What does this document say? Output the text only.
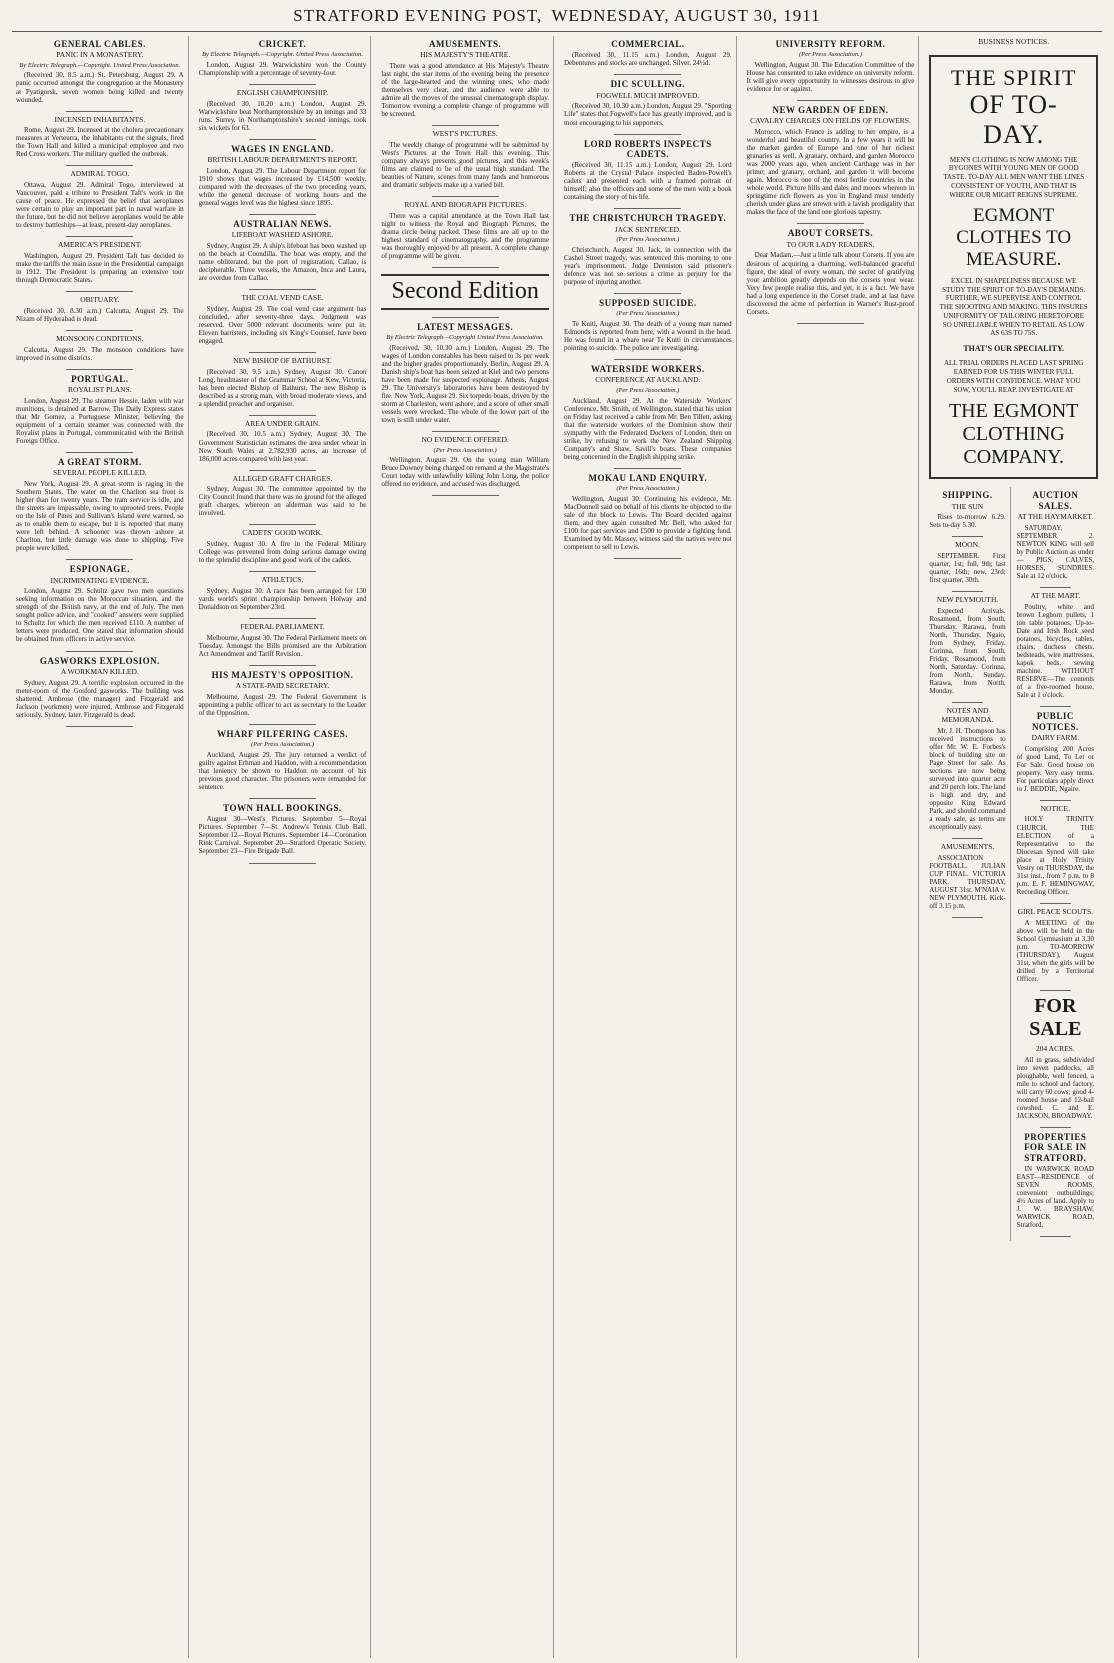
STRATFORD EVENING POST, WEDNESDAY, AUGUST 30, 1911
GENERAL CABLES.
PANIC IN A MONASTERY.
By Electric Telegraph.—Copyright. United Press Association.
(Received 30, 8.5 a.m.) St. Petersburg, August 29. A panic occurred amongst the congregation at the Monastery at Pyatigorsk, seven women being killed and twenty wounded.
INCENSED INHABITANTS.
Rome, August 29. Incensed at the cholera precautionary measures at Verteurra, the inhabitants cut the signals, fired the Town Hall and killed a municipal employee and two Red Cross workers. The military quelled the outbreak.
ADMIRAL TOGO.
Ottawa, August 29. Admiral Togo, interviewed at Vancouver, paid a tribute to President Taft's work in the cause of peace. He expressed the belief that aeroplanes were certain to play an important part in naval warfare in the future, but he did not believe aeroplanes would be able to destroy battleships—at least, present-day aeroplanes.
AMERICA'S PRESIDENT.
Washington, August 29. President Taft has decided to make the tariffs the main issue in the Presidential campaign in 1912. The President is preparing an extensive tour through Democratic States.
OBITUARY.
(Received 30, 8.30 a.m.) Calcutta, August 29. The Nizam of Hyderabad is dead.
MONSOON CONDITIONS.
Calcutta, August 29. The monsoon conditions have improved in some districts.
PORTUGAL.
ROYALIST PLANS.
London, August 29. The steamer Hessie, laden with war munitions, is detained at Barrow. The Daily Express states that Mr Gomez, a Portuguese Minister, believing the equipment of a certain steamer was connected with the Royalist plans in Portugal, communicated with the British Foreign Office.
A GREAT STORM.
SEVERAL PEOPLE KILLED.
New York, August 29. A great storm is raging in the Southern States. The water on the Charlton sea front is higher than for twenty years. The tram service is idle, and the streets are impassable, owing to uprooted trees. People on the Isle of Pines and Sullivan's Island were warned, so as to enable them to escape, but it is reported that many were left behind. A schooner was thrown ashore at Charlton, but little damage was done to shipping. Five people were killed.
ESPIONAGE.
INCRIMINATING EVIDENCE.
London, August 29. Schultz gave two men questions seeking information on the Moroccan situation, and the strength of the British navy, at the end of July. The men sought police advice, and "cooked" answers were supplied to Schultz for which the men received £110. A number of letters were produced. One stated that information should be obtained from officers in active service.
GASWORKS EXPLOSION.
A WORKMAN KILLED.
Sydney, August 29. A terrific explosion occurred in the meter-room of the Gosford gasworks. The building was shattered. Ambrose (the manager) and Fitzgerald and Jackson (workmen) were injured, Ambrose and Fitzgerald seriously. Sydney, later. Fitzgerald is dead.
CRICKET.
By Electric Telegraph.—Copyright. United Press Association.
London, August 29. Warwickshire won the County Championship with a percentage of seventy-four.
ENGLISH CHAMPIONSHIP.
(Received 30, 10.20 a.m.) London, August 29. Warwickshire beat Northamptonshire by an innings and 33 runs. Surrey, in Northamptonshire's second innings, took six wickets for 63.
WAGES IN ENGLAND.
BRITISH LABOUR DEPARTMENT'S REPORT.
London, August 29. The Labour Department report for 1910 shows that wages increased by £14,500 weekly, compared with the decreases of the two preceding years, while the general decrease of working hours and the general wages level was the highest since 1895.
AUSTRALIAN NEWS.
LIFEBOAT WASHED ASHORE.
Sydney, August 29. A ship's lifeboat has been washed up on the beach at Coondilla. The boat was empty, and the name obliterated, but the port of registration, Callao, is decipherable. Three vessels, the Amazon, Inca and Laura, are overdue from Callao.
THE COAL VEND CASE.
Sydney, August 29. The coal vend case argument has concluded, after seventy-three days. Judgment was reserved. Over 5000 relevant documents were put in. Eleven barristers, including six King's Counsel, have been engaged.
NEW BISHOP OF BATHURST.
(Received 30, 9.5 a.m.) Sydney, August 30. Canon Long, headmaster of the Grammar School at Kew, Victoria, has been elected Bishop of Bathurst. The new Bishop is described as a strong man, with broad moderate views, and a splendid preacher and organiser.
AREA UNDER GRAIN.
(Received 30, 10.5 a.m.) Sydney, August 30. The Government Statistician estimates the area under wheat in New South Wales at 2,782,930 acres, an increase of 186,000 acres compared with last year.
ALLEGED GRAFT CHARGES.
Sydney, August 30. The committee appointed by the City Council found that there was no ground for the alleged graft charges, whereon an alderman was said to be involved.
CADETS' GOOD WORK.
Sydney, August 30. A fire in the Federal Military College was prevented from doing serious damage owing to the splendid discipline and good work of the cadets.
ATHLETICS.
Sydney, August 30. A race has been arranged for 130 yards world's sprint championship between Holway and Donaldson on September 23rd.
FEDERAL PARLIAMENT.
Melbourne, August 30. The Federal Parliament meets on Tuesday. Amongst the Bills promised are the Arbitration Act Amendment and Tariff Revision.
HIS MAJESTY'S OPPOSITION.
A STATE-PAID SECRETARY.
Melbourne, August 29. The Federal Government is appointing a public officer to act as secretary to the Leader of the Opposition.
WHARF PILFERING CASES.
(Per Press Association.)
Auckland, August 29. The jury returned a verdict of guilty against Erhman and Haddon, with a recommendation that leniency be shown to Haddon on account of his previous good character. The prisoners were remanded for sentence.
TOWN HALL BOOKINGS.
August 30—West's Pictures. September 5—Royal Pictures. September 7—St. Andrew's Tennis Club Ball. September 12—Royal Pictures. September 14—Coronation Rink Carnival. September 20—Stratford Operatic Society. September 23—Fire Brigade Ball.
AMUSEMENTS.
HIS MAJESTY'S THEATRE.
There was a good attendance at His Majesty's Theatre last night, the star items of the evening being the presence of the large-hearted and the winning ones, who made themselves very clear, and the audience were able to admire all the moves of the unusual cinematograph display. Tomorrow evening a complete change of programme will be screened.
WEST'S PICTURES.
The weekly change of programme will be submitted by West's Pictures at the Town Hall this evening. This company always presents good pictures, and this week's films are claimed to be of the usual high standard. The beauties of Nature, scenes from many lands and humorous and dramatic subjects make up a varied bill.
ROYAL AND BIOGRAPH PICTURES.
There was a capital attendance at the Town Hall last night to witness the Royal and Biograph Pictures, the drama circle being packed. These films are all up to the highest standard of cinematography, and the programme was thoroughly enjoyed by all present. A complete change of programme will be given.
Second Edition
LATEST MESSAGES.
By Electric Telegraph—Copyright United Press Association.
(Received, 30, 10.30 a.m.) London, August 29. The wages of London constables has been raised to 3s per week and the higher grades proportionately. Berlin, August 29. A Danish ship's boat has been seized at Kiel and two persons have been made for suspected espionage. Athens, August 29. The University's laboratories have been destroyed by fire. New York, August 29. Six torpedo boats, driven by the storm at Charleston, went ashore, and a score of other small vessels were wrecked. The whole of the lower part of the town is still under water.
NO EVIDENCE OFFERED.
(Per Press Association.)
Wellington, August 29. On the young man William Bruce Downey being charged on remand at the Magistrate's Court today with unlawfully killing John Long, the police offered no evidence, and accused was discharged.
COMMERCIAL.
(Received 30, 11.15 a.m.) London, August 29. Debentures and stocks are unchanged. Silver, 24½d.
DIC SCULLING.
FOGWELL MUCH IMPROVED.
(Received 30, 10.30 a.m.) London, August 29. "Sporting Life" states that Fogwell's face has greatly improved, and is most encouraging to his supporters.
LORD ROBERTS INSPECTS CADETS.
(Received 30, 11.15 a.m.) London, August 29. Lord Roberts at the Crystal Palace inspected Baden-Powell's cadets and presented each with a framed portrait of himself; also the officers and some of the men with a book containing the story of his life.
THE CHRISTCHURCH TRAGEDY.
JACK SENTENCED.
(Per Press Association.)
Christchurch, August 30. Jack, in connection with the Cashel Street tragedy, was sentenced this morning to one year's imprisonment. Judge Denniston said prisoner's defence was not so serious a crime as perjury for the purpose of injuring another.
SUPPOSED SUICIDE.
(Per Press Association.)
Te Kuiti, August 30. The death of a young man named Edmonds is reported from here, with a wound in the head. He was found in a whare near Te Kuiti in circumstances pointing to suicide. The police are investigating.
WATERSIDE WORKERS.
CONFERENCE AT AUCKLAND.
(Per Press Association.)
Auckland, August 29. At the Waterside Workers' Conference, Mr. Smith, of Wellington, stated that his union on Friday last received a cable from Mr. Ben Tillett, asking that the waterside workers of the Dominion show their sympathy with the Federated Dockers of London, then on strike, by refusing to work the New Zealand Shipping Company's and Shaw, Savill's boats. These companies being concerned in the English shipping strike.
MOKAU LAND ENQUIRY.
(Per Press Association.)
Wellington, August 30. Continuing his evidence, Mr. MacDonnell said on behalf of his clients he objected to the sale of the block to Lewis. The Board decided against them, and they again consulted Mr. Bell, who asked for £100 for part services and £500 to provide a fighting fund. Examined by Mr. Massey, witness said the natives were not competent to sell to Lewis.
UNIVERSITY REFORM.
(Per Press Association.)
Wellington, August 30. The Education Committee of the House has consented to take evidence on university reform. It will give every opportunity to witnesses desirous to give evidence for or against.
NEW GARDEN OF EDEN.
CAVALRY CHARGES ON FIELDS OF FLOWERS.
Morocco, which France is adding to her empire, is a wonderful and beautiful country. In a few years it will be the market garden of Europe and one of her richest granaries as well. A granary, orchard, and garden Morocco was 2000 years ago, when ancient Carthage was in her prime; and granary, orchard, and garden it will become again. Morocco is one of the most fertile countries in the whole world. Picture hills and dales and moors whereon in springtime rich flowers as you in England must tenderly cherish under glass are strewn with a lavish prodigality that makes the face of the land one glorious tapestry.
ABOUT CORSETS.
TO OUR LADY READERS.
Dear Madam,—Just a little talk about Corsets. If you are desirous of acquiring a charming, well-balanced graceful figure, the ideal of every woman, the secret of gratifying your ambition greatly depends on the corsets your wear. Very few people realise this, and yet, it is a fact. We have had a long experience in the Corset trade, and at last have discovered the acme of perfection in Warner's Rust-proof Corsets.
BUSINESS NOTICES.
THE SPIRIT
OF TO-DAY.
MEN'S CLOTHING IS NOW AMONG THE BYGONES WITH YOUNG MEN OF GOOD TASTE. TO-DAY ALL MEN WANT THE LINES CONSISTENT OF YOUTH, AND THAT IS WHERE OUR MIGHT REIGNS SUPREME.
EGMONT CLOTHES TO MEASURE.
EXCEL IN SHAPELINESS BECAUSE WE STUDY THE SPIRIT OF TO-DAY'S DEMANDS. FURTHER, WE SUPERVISE AND CONTROL THE SHOOTING AND MAKING. THIS INSURES UNIFORMITY OF TAILORING HERETOFORE SO UNRELIABLE WHEN TO RETAIL AS LOW AS 63S TO 75S.
THAT'S OUR SPECIALITY.
ALL TRIAL ORDERS PLACED LAST SPRING EARNED FOR US THIS WINTER FULL ORDERS WITH CONFIDENCE. WHAT YOU SOW, YOU'LL REAP. INVESTIGATE AT
THE EGMONT CLOTHING COMPANY.
SHIPPING.
THE SUN
Rises to-morrow 6.29. Sets to-day 5.30.
MOON.
SEPTEMBER. First quarter, 1st; full, 9th; last quarter, 16th; new, 23rd; first quarter, 30th.
NEW PLYMOUTH.
Expected Arrivals. Rosamond, from South, Thursday. Rarawa, from North, Thursday. Ngaio, from Sydney, Friday. Corinna, from South, Friday. Rosamond, from North, Saturday. Corinna, from North, Sunday. Rarawa, from North, Monday.
NOTES AND MEMORANDA.
Mr. J. H. Thompson has received instructions to offer Mr. W. E. Forbes's block of building site on Page Street for sale. As sections are now being surveyed into quarter acre and 20 perch lots. The land is high and dry, and opposite King Edward Park, and should command a ready sale, as terms are exceptionally easy.
AMUSEMENTS.
ASSOCIATION FOOTBALL. JULIAN CUP FINAL. VICTORIA PARK. THURSDAY, AUGUST 31st. M'NAIA v. NEW PLYMOUTH. Kick-off 3.15 p.m.
AUCTION SALES.
AT THE HAYMARKET.
SATURDAY, SEPTEMBER 2. NEWTON KING will sell by Public Auction as under— PIGS, CALVES, HORSES, SUNDRIES. Sale at 12 o'clock.
AT THE MART.
Poultry, white and brown Leghorn pullets, 1 ton table potatoes, Up-to-Date and Irish Rock seed potatoes, bicycles, tables, chairs, duchess chests, bedsteads, wire mattresses, kapok beds, sewing machine. WITHOUT RESERVE—The contents of a five-roomed house. Sale at 1 o'clock.
PUBLIC NOTICES.
DAIRY FARM.
Comprising 200 Acres of good Land, To Let or For Sale. Good house on property. Very easy terms. For particulars apply direct to J. BEDDIE, Ngaire.
NOTICE.
HOLY TRINITY CHURCH. THE ELECTION of a Representative to the Diocesan Synod will take place at Holy Trinity Vestry on THURSDAY, the 31st inst., from 7 p.m. to 8 p.m. E. F. HEMINGWAY, Recording Officer.
GIRL PEACE SCOUTS.
A MEETING of the above will be held in the School Gymnasium at 3.30 p.m. TO-MORROW (THURSDAY), August 31st, when the girls will be drilled by a Territorial Officer.
FOR SALE
204 ACRES.
All in grass, subdivided into seven paddocks, all ploughable, well fenced, a mile to school and factory, will carry 60 cows; good 4-roomed house and 12-bail cowshed. C. and E. JACKSON, BROADWAY.
PROPERTIES FOR SALE IN STRATFORD.
IN WARWICK ROAD EAST—RESIDENCE of SEVEN ROOMS, convenient outbuildings; 4½ Acres of land. Apply to J. W. BRAYSHAW, WARWICK ROAD, Stratford.
